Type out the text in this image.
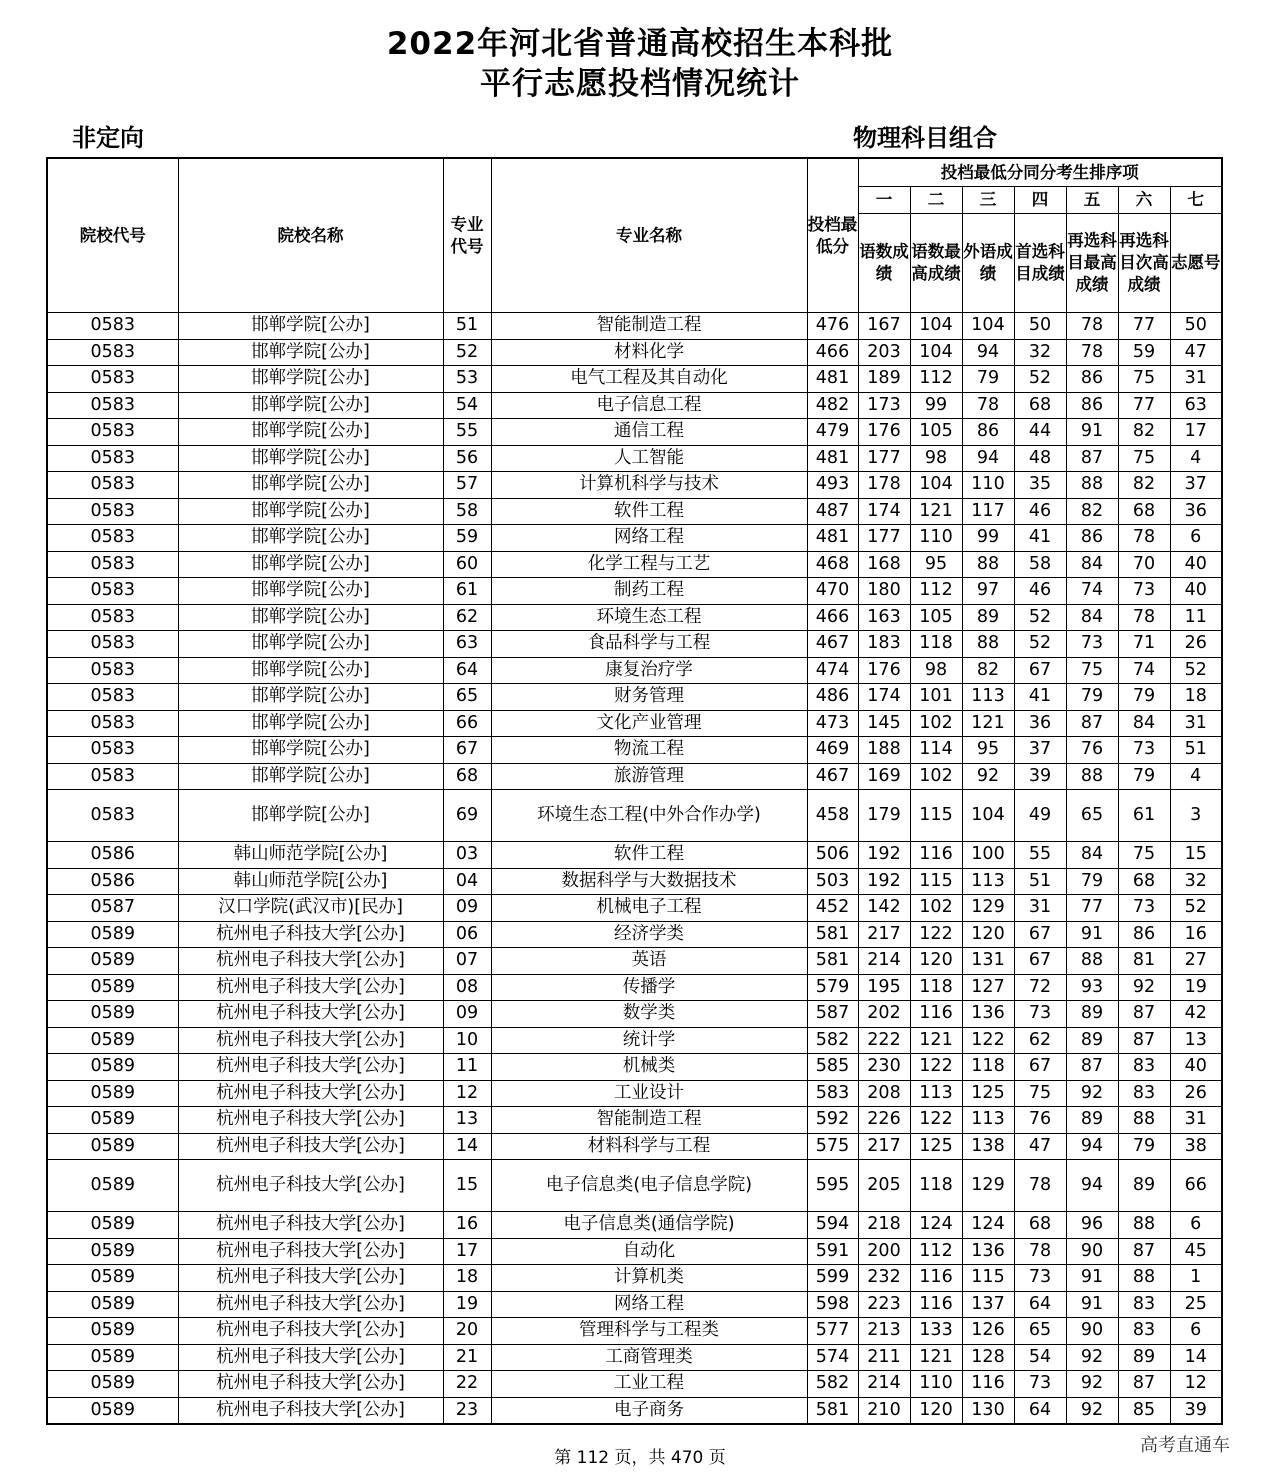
2022年河北省普通高校招生本科批
平行志愿投档情况统计
非定向	物理科目组合
院校代号	院校名称	专业代号	专业名称	投档最低分	投档最低分同分考生排序项						
					一	二	三	四	五	六	七
					语数成绩	语数最高成绩	外语成绩	首选科目成绩	再选科目最高成绩	再选科目次高成绩	志愿号
0583	邯郸学院[公办]	51	智能制造工程	476	167	104	104	50	78	77	50
0583	邯郸学院[公办]	52	材料化学	466	203	104	94	32	78	59	47
0583	邯郸学院[公办]	53	电气工程及其自动化	481	189	112	79	52	86	75	31
0583	邯郸学院[公办]	54	电子信息工程	482	173	99	78	68	86	77	63
0583	邯郸学院[公办]	55	通信工程	479	176	105	86	44	91	82	17
0583	邯郸学院[公办]	56	人工智能	481	177	98	94	48	87	75	4
0583	邯郸学院[公办]	57	计算机科学与技术	493	178	104	110	35	88	82	37
0583	邯郸学院[公办]	58	软件工程	487	174	121	117	46	82	68	36
0583	邯郸学院[公办]	59	网络工程	481	177	110	99	41	86	78	6
0583	邯郸学院[公办]	60	化学工程与工艺	468	168	95	88	58	84	70	40
0583	邯郸学院[公办]	61	制药工程	470	180	112	97	46	74	73	40
0583	邯郸学院[公办]	62	环境生态工程	466	163	105	89	52	84	78	11
0583	邯郸学院[公办]	63	食品科学与工程	467	183	118	88	52	73	71	26
0583	邯郸学院[公办]	64	康复治疗学	474	176	98	82	67	75	74	52
0583	邯郸学院[公办]	65	财务管理	486	174	101	113	41	79	79	18
0583	邯郸学院[公办]	66	文化产业管理	473	145	102	121	36	87	84	31
0583	邯郸学院[公办]	67	物流工程	469	188	114	95	37	76	73	51
0583	邯郸学院[公办]	68	旅游管理	467	169	102	92	39	88	79	4
0583	邯郸学院[公办]	69	环境生态工程(中外合作办学)	458	179	115	104	49	65	61	3
0586	韩山师范学院[公办]	03	软件工程	506	192	116	100	55	84	75	15
0586	韩山师范学院[公办]	04	数据科学与大数据技术	503	192	115	113	51	79	68	32
0587	汉口学院(武汉市)[民办]	09	机械电子工程	452	142	102	129	31	77	73	52
0589	杭州电子科技大学[公办]	06	经济学类	581	217	122	120	67	91	86	16
0589	杭州电子科技大学[公办]	07	英语	581	214	120	131	67	88	81	27
0589	杭州电子科技大学[公办]	08	传播学	579	195	118	127	72	93	92	19
0589	杭州电子科技大学[公办]	09	数学类	587	202	116	136	73	89	87	42
0589	杭州电子科技大学[公办]	10	统计学	582	222	121	122	62	89	87	13
0589	杭州电子科技大学[公办]	11	机械类	585	230	122	118	67	87	83	40
0589	杭州电子科技大学[公办]	12	工业设计	583	208	113	125	75	92	83	26
0589	杭州电子科技大学[公办]	13	智能制造工程	592	226	122	113	76	89	88	31
0589	杭州电子科技大学[公办]	14	材料科学与工程	575	217	125	138	47	94	79	38
0589	杭州电子科技大学[公办]	15	电子信息类(电子信息学院)	595	205	118	129	78	94	89	66
0589	杭州电子科技大学[公办]	16	电子信息类(通信学院)	594	218	124	124	68	96	88	6
0589	杭州电子科技大学[公办]	17	自动化	591	200	112	136	78	90	87	45
0589	杭州电子科技大学[公办]	18	计算机类	599	232	116	115	73	91	88	1
0589	杭州电子科技大学[公办]	19	网络工程	598	223	116	137	64	91	83	25
0589	杭州电子科技大学[公办]	20	管理科学与工程类	577	213	133	126	65	90	83	6
0589	杭州电子科技大学[公办]	21	工商管理类	574	211	121	128	54	92	89	14
0589	杭州电子科技大学[公办]	22	工业工程	582	214	110	116	73	92	87	12
0589	杭州电子科技大学[公办]	23	电子商务	581	210	120	130	64	92	85	39
第 112 页，共 470 页
高考直通车
